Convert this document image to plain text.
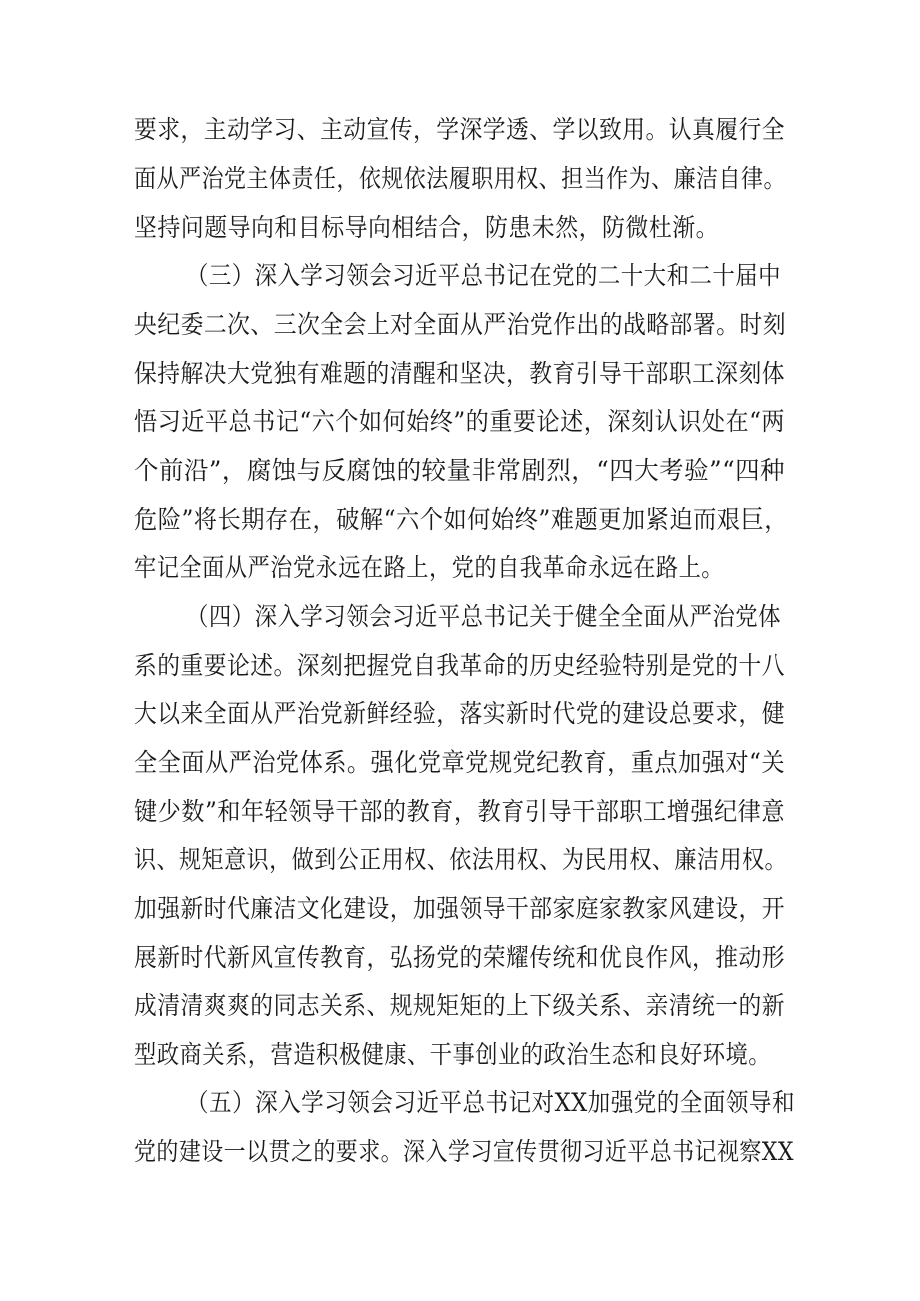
要求，主动学习、主动宣传，学深学透、学以致用。认真履行全
面从严治党主体责任，依规依法履职用权、担当作为、廉洁自律。
坚持问题导向和目标导向相结合，防患未然，防微杜渐。
（三）深入学习领会习近平总书记在党的二十大和二十届中
央纪委二次、三次全会上对全面从严治党作出的战略部署。时刻
保持解决大党独有难题的清醒和坚决，教育引导干部职工深刻体
悟习近平总书记“六个如何始终”的重要论述，深刻认识处在“两
个前沿”，腐蚀与反腐蚀的较量非常剧烈，“四大考验”“四种
危险”将长期存在，破解“六个如何始终”难题更加紧迫而艰巨，
牢记全面从严治党永远在路上，党的自我革命永远在路上。
（四）深入学习领会习近平总书记关于健全全面从严治党体
系的重要论述。深刻把握党自我革命的历史经验特别是党的十八
大以来全面从严治党新鲜经验，落实新时代党的建设总要求，健
全全面从严治党体系。强化党章党规党纪教育，重点加强对“关
键少数”和年轻领导干部的教育，教育引导干部职工增强纪律意
识、规矩意识，做到公正用权、依法用权、为民用权、廉洁用权。
加强新时代廉洁文化建设，加强领导干部家庭家教家风建设，开
展新时代新风宣传教育，弘扬党的荣耀传统和优良作风，推动形
成清清爽爽的同志关系、规规矩矩的上下级关系、亲清统一的新
型政商关系，营造积极健康、干事创业的政治生态和良好环境。
（五）深入学习领会习近平总书记对XX加强党的全面领导和
党的建设一以贯之的要求。深入学习宣传贯彻习近平总书记视察XX
